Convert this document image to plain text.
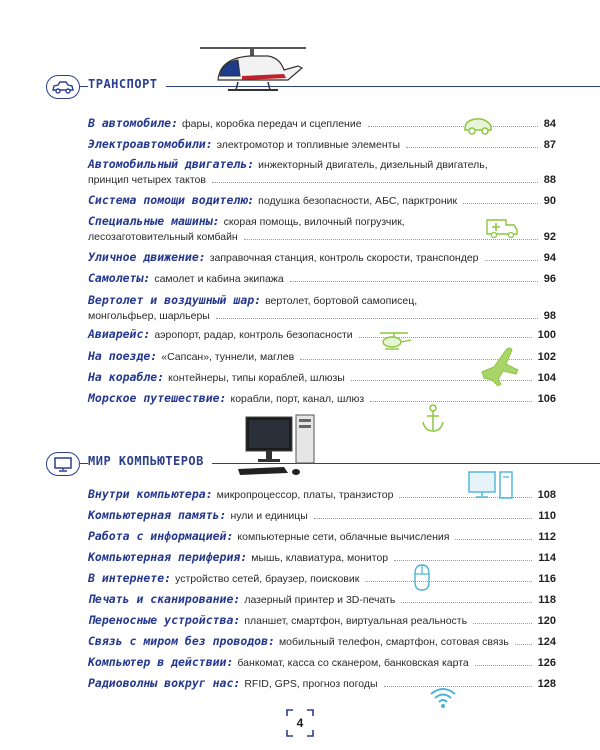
ТРАНСПОРТ
В автомобиле: фары, коробка передач и сцепление	84
Электроавтомобили: электромотор и топливные элементы	87
Автомобильный двигатель: инжекторный двигатель, дизельный двигатель,
принцип четырех тактов	88
Система помощи водителю: подушка безопасности, АБС, парктроник	90
Специальные машины: скорая помощь, вилочный погрузчик,
лесозаготовительный комбайн	92
Уличное движение: заправочная станция, контроль скорости, транспондер	94
Самолеты: самолет и кабина экипажа	96
Вертолет и воздушный шар: вертолет, бортовой самописец,
монгольфьер, шарльеры	98
Авиарейс: аэропорт, радар, контроль безопасности	100
На поезде: «Сапсан», туннели, маглев	102
На корабле: контейнеры, типы кораблей, шлюзы	104
Морское путешествие: корабли, порт, канал, шлюз	106
МИР КОМПЬЮТЕРОВ
Внутри компьютера: микропроцессор, платы, транзистор	108
Компьютерная память: нули и единицы	110
Работа с информацией: компьютерные сети, облачные вычисления	112
Компьютерная периферия: мышь, клавиатура, монитор	114
В интернете: устройство сетей, браузер, поисковик	116
Печать и сканирование: лазерный принтер и 3D-печать	118
Переносные устройства: планшет, смартфон, виртуальная реальность	120
Связь с миром без проводов: мобильный телефон, смартфон, сотовая связь	124
Компьютер в действии: банкомат, касса со сканером, банковская карта	126
Радиоволны вокруг нас: RFID, GPS, прогноз погоды	128
4
